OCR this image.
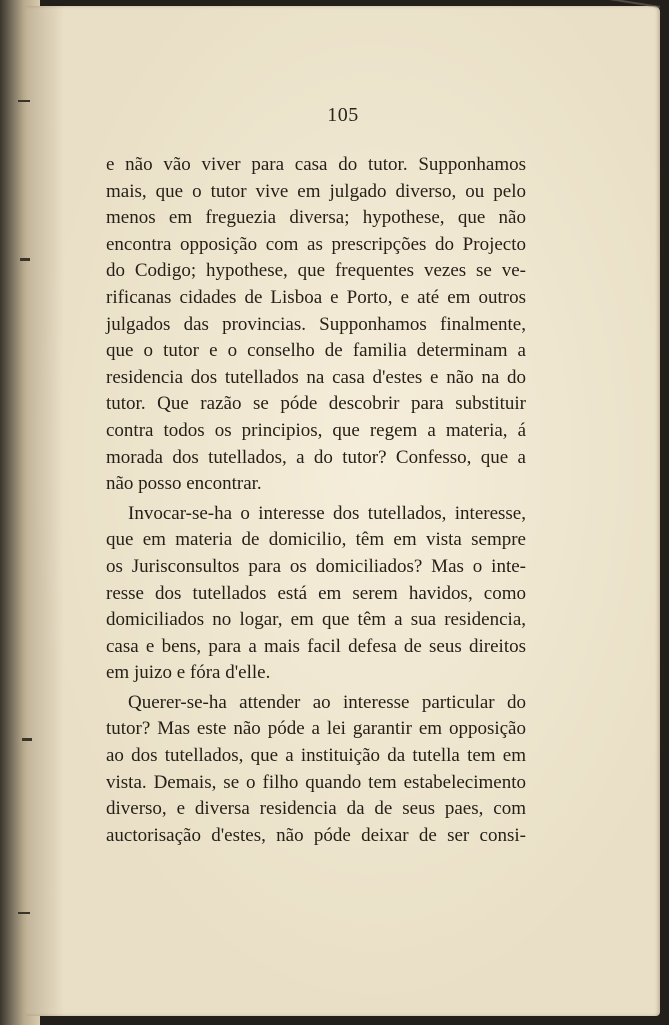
105
e não vão viver para casa do tutor. Supponhamos
mais, que o tutor vive em julgado diverso, ou pelo
menos em freguezia diversa; hypothese, que não
encontra opposição com as prescripções do Projecto
do Codigo; hypothese, que frequentes vezes se ve-
rificanas cidades de Lisboa e Porto, e até em outros
julgados das provincias. Supponhamos finalmente,
que o tutor e o conselho de familia determinam a
residencia dos tutellados na casa d'estes e não na do
tutor. Que razão se póde descobrir para substituir
contra todos os principios, que regem a materia, á
morada dos tutellados, a do tutor? Confesso, que a
não posso encontrar.
Invocar-se-ha o interesse dos tutellados, interesse,
que em materia de domicilio, têm em vista sempre
os Jurisconsultos para os domiciliados? Mas o inte-
resse dos tutellados está em serem havidos, como
domiciliados no logar, em que têm a sua residencia,
casa e bens, para a mais facil defesa de seus direitos
em juizo e fóra d'elle.
Querer-se-ha attender ao interesse particular do
tutor? Mas este não póde a lei garantir em opposição
ao dos tutellados, que a instituição da tutella tem em
vista. Demais, se o filho quando tem estabelecimento
diverso, e diversa residencia da de seus paes, com
auctorisação d'estes, não póde deixar de ser consi-
